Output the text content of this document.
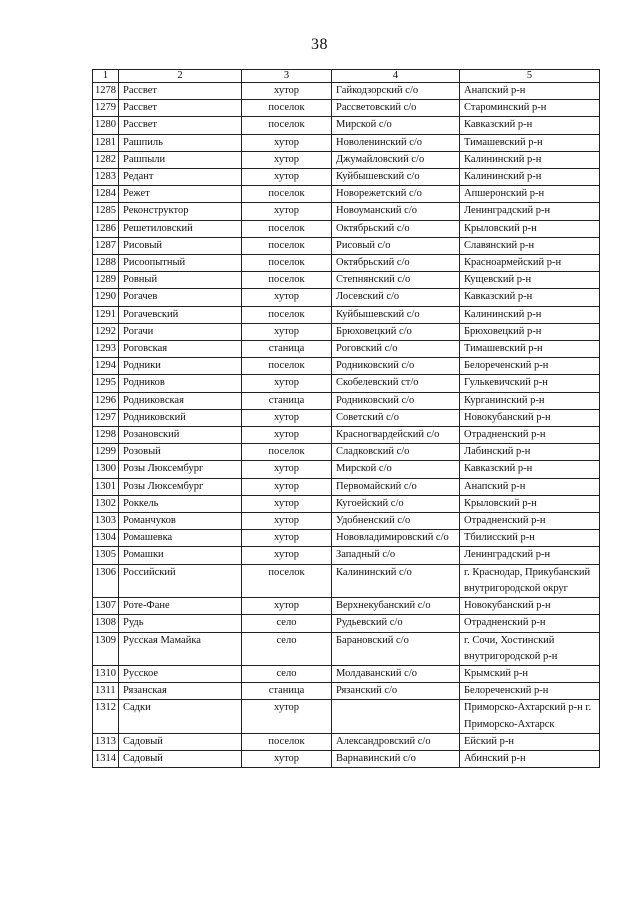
38
1	2	3	4	5
1278	Рассвет	хутор	Гайкодзорский с/о	Анапский р-н
1279	Рассвет	поселок	Рассветовский с/о	Староминский р-н
1280	Рассвет	поселок	Мирской с/о	Кавказский р-н
1281	Рашпиль	хутор	Новоленинский с/о	Тимашевский р-н
1282	Рашпыли	хутор	Джумайловский с/о	Калининский р-н
1283	Редант	хутор	Куйбышевский с/о	Калининский р-н
1284	Режет	поселок	Новорежетский с/о	Апшеронский р-н
1285	Реконструктор	хутор	Новоуманский с/о	Ленинградский р-н
1286	Решетиловский	поселок	Октябрьский с/о	Крыловский р-н
1287	Рисовый	поселок	Рисовый с/о	Славянский р-н
1288	Рисоопытный	поселок	Октябрьский с/о	Красноармейский р-н
1289	Ровный	поселок	Степнянский с/о	Кущевский р-н
1290	Рогачев	хутор	Лосевский с/о	Кавказский р-н
1291	Рогачевский	поселок	Куйбышевский с/о	Калининский р-н
1292	Рогачи	хутор	Брюховецкий с/о	Брюховецкий р-н
1293	Роговская	станица	Роговский с/о	Тимашевский р-н
1294	Родники	поселок	Родниковский с/о	Белореченский р-н
1295	Родников	хутор	Скобелевский ст/о	Гулькевичский р-н
1296	Родниковская	станица	Родниковский с/о	Курганинский р-н
1297	Родниковский	хутор	Советский с/о	Новокубанский р-н
1298	Розановский	хутор	Красногвардейский с/о	Отрадненский р-н
1299	Розовый	поселок	Сладковский с/о	Лабинский р-н
1300	Розы Люксембург	хутор	Мирской с/о	Кавказский р-н
1301	Розы Люксембург	хутор	Первомайский с/о	Анапский р-н
1302	Роккель	хутор	Кугоейский с/о	Крыловский р-н
1303	Романчуков	хутор	Удобненский с/о	Отрадненский р-н
1304	Ромашевка	хутор	Нововладимировский с/о	Тбилисский р-н
1305	Ромашки	хутор	Западный с/о	Ленинградский р-н
1306	Российский	поселок	Калининский с/о	г. Краснодар, Прикубанский внутригородской округ
1307	Роте-Фане	хутор	Верхнекубанский с/о	Новокубанский р-н
1308	Рудь	село	Рудьевский с/о	Отрадненский р-н
1309	Русская Мамайка	село	Барановский с/о	г. Сочи, Хостинский внутригородской р-н
1310	Русское	село	Молдаванский с/о	Крымский р-н
1311	Рязанская	станица	Рязанский с/о	Белореченский р-н
1312	Садки	хутор		Приморско-Ахтарский р-н г. Приморско-Ахтарск
1313	Садовый	поселок	Александровский с/о	Ейский р-н
1314	Садовый	хутор	Варнавинский с/о	Абинский р-н
